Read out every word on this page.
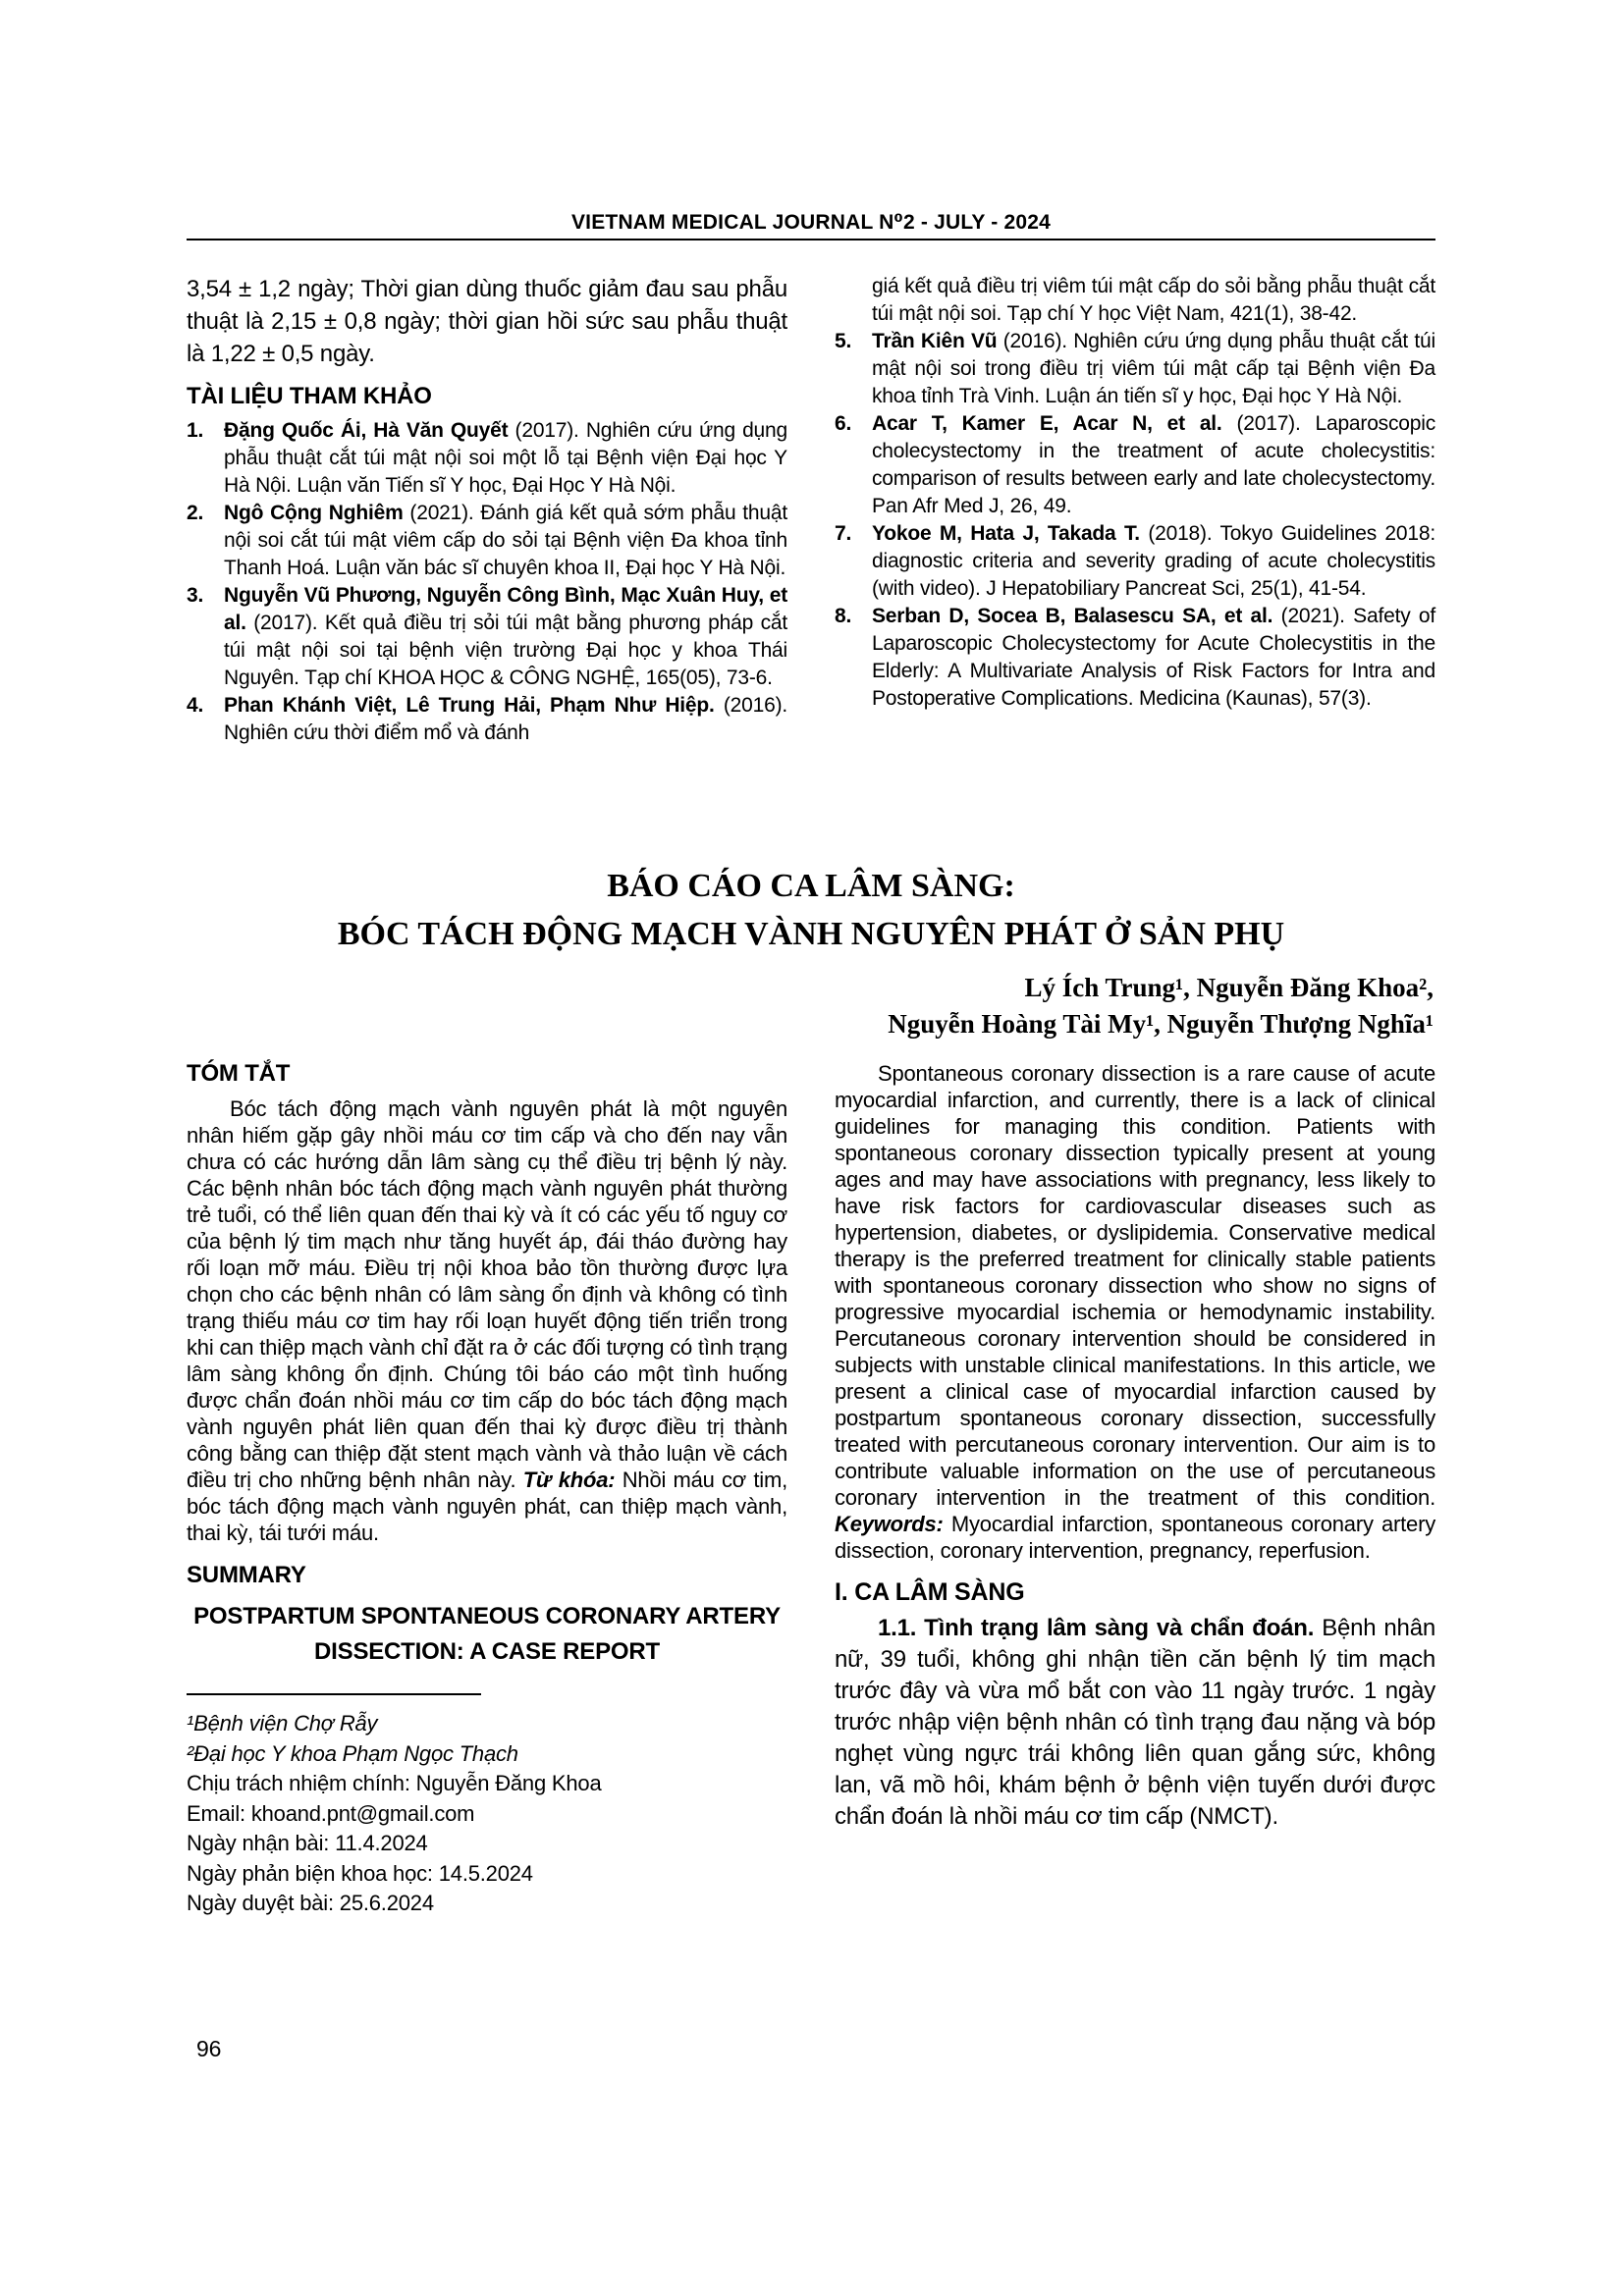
VIETNAM MEDICAL JOURNAL N⁰2 - JULY - 2024

3,54 ± 1,2 ngày; Thời gian dùng thuốc giảm đau sau phẫu thuật là 2,15 ± 0,8 ngày; thời gian hồi sức sau phẫu thuật là 1,22 ± 0,5 ngày.

TÀI LIỆU THAM KHẢO
1. Đặng Quốc Ái, Hà Văn Quyết (2017). Nghiên cứu ứng dụng phẫu thuật cắt túi mật nội soi một lỗ tại Bệnh viện Đại học Y Hà Nội. Luận văn Tiến sĩ Y học, Đại Học Y Hà Nội.
2. Ngô Cộng Nghiêm (2021). Đánh giá kết quả sớm phẫu thuật nội soi cắt túi mật viêm cấp do sỏi tại Bệnh viện Đa khoa tỉnh Thanh Hoá. Luận văn bác sĩ chuyên khoa II, Đại học Y Hà Nội.
3. Nguyễn Vũ Phương, Nguyễn Công Bình, Mạc Xuân Huy, et al. (2017). Kết quả điều trị sỏi túi mật bằng phương pháp cắt túi mật nội soi tại bệnh viện trường Đại học y khoa Thái Nguyên. Tạp chí KHOA HỌC & CÔNG NGHỆ, 165(05), 73-6.
4. Phan Khánh Việt, Lê Trung Hải, Phạm Như Hiệp. (2016). Nghiên cứu thời điểm mổ và đánh

giá kết quả điều trị viêm túi mật cấp do sỏi bằng phẫu thuật cắt túi mật nội soi. Tạp chí Y học Việt Nam, 421(1), 38-42.

5. Trần Kiên Vũ (2016). Nghiên cứu ứng dụng phẫu thuật cắt túi mật nội soi trong điều trị viêm túi mật cấp tại Bệnh viện Đa khoa tỉnh Trà Vinh. Luận án tiến sĩ y học, Đại học Y Hà Nội.
6. Acar T, Kamer E, Acar N, et al. (2017). Laparoscopic cholecystectomy in the treatment of acute cholecystitis: comparison of results between early and late cholecystectomy. Pan Afr Med J, 26, 49.
7. Yokoe M, Hata J, Takada T. (2018). Tokyo Guidelines 2018: diagnostic criteria and severity grading of acute cholecystitis (with video). J Hepatobiliary Pancreat Sci, 25(1), 41-54.
8. Serban D, Socea B, Balasescu SA, et al. (2021). Safety of Laparoscopic Cholecystectomy for Acute Cholecystitis in the Elderly: A Multivariate Analysis of Risk Factors for Intra and Postoperative Complications. Medicina (Kaunas), 57(3).
BÁO CÁO CA LÂM SÀNG:
BÓC TÁCH ĐỘNG MẠCH VÀNH NGUYÊN PHÁT Ở SẢN PHỤ
Lý Ích Trung¹, Nguyễn Đăng Khoa²,
Nguyễn Hoàng Tài My¹, Nguyễn Thượng Nghĩa¹
TÓM TẮT

Bóc tách động mạch vành nguyên phát là một nguyên nhân hiếm gặp gây nhồi máu cơ tim cấp và cho đến nay vẫn chưa có các hướng dẫn lâm sàng cụ thể điều trị bệnh lý này. Các bệnh nhân bóc tách động mạch vành nguyên phát thường trẻ tuổi, có thể liên quan đến thai kỳ và ít có các yếu tố nguy cơ của bệnh lý tim mạch như tăng huyết áp, đái tháo đường hay rối loạn mỡ máu. Điều trị nội khoa bảo tồn thường được lựa chọn cho các bệnh nhân có lâm sàng ổn định và không có tình trạng thiếu máu cơ tim hay rối loạn huyết động tiến triển trong khi can thiệp mạch vành chỉ đặt ra ở các đối tượng có tình trạng lâm sàng không ổn định. Chúng tôi báo cáo một tình huống được chẩn đoán nhồi máu cơ tim cấp do bóc tách động mạch vành nguyên phát liên quan đến thai kỳ được điều trị thành công bằng can thiệp đặt stent mạch vành và thảo luận về cách điều trị cho những bệnh nhân này. Từ khóa: Nhồi máu cơ tim, bóc tách động mạch vành nguyên phát, can thiệp mạch vành, thai kỳ, tái tưới máu.

SUMMARY
POSTPARTUM SPONTANEOUS CORONARY ARTERY DISSECTION: A CASE REPORT
¹Bệnh viện Chợ Rẫy
²Đại học Y khoa Phạm Ngọc Thạch
Chịu trách nhiệm chính: Nguyễn Đăng Khoa
Email: khoand.pnt@gmail.com
Ngày nhận bài: 11.4.2024
Ngày phản biện khoa học: 14.5.2024
Ngày duyệt bài: 25.6.2024

Spontaneous coronary dissection is a rare cause of acute myocardial infarction, and currently, there is a lack of clinical guidelines for managing this condition. Patients with spontaneous coronary dissection typically present at young ages and may have associations with pregnancy, less likely to have risk factors for cardiovascular diseases such as hypertension, diabetes, or dyslipidemia. Conservative medical therapy is the preferred treatment for clinically stable patients with spontaneous coronary dissection who show no signs of progressive myocardial ischemia or hemodynamic instability. Percutaneous coronary intervention should be considered in subjects with unstable clinical manifestations. In this article, we present a clinical case of myocardial infarction caused by postpartum spontaneous coronary dissection, successfully treated with percutaneous coronary intervention. Our aim is to contribute valuable information on the use of percutaneous coronary intervention in the treatment of this condition. Keywords: Myocardial infarction, spontaneous coronary artery dissection, coronary intervention, pregnancy, reperfusion.

I. CA LÂM SÀNG

1.1. Tình trạng lâm sàng và chẩn đoán. Bệnh nhân nữ, 39 tuổi, không ghi nhận tiền căn bệnh lý tim mạch trước đây và vừa mổ bắt con vào 11 ngày trước. 1 ngày trước nhập viện bệnh nhân có tình trạng đau nặng và bóp nghẹt vùng ngực trái không liên quan gắng sức, không lan, vã mồ hôi, khám bệnh ở bệnh viện tuyến dưới được chẩn đoán là nhồi máu cơ tim cấp (NMCT).

96
